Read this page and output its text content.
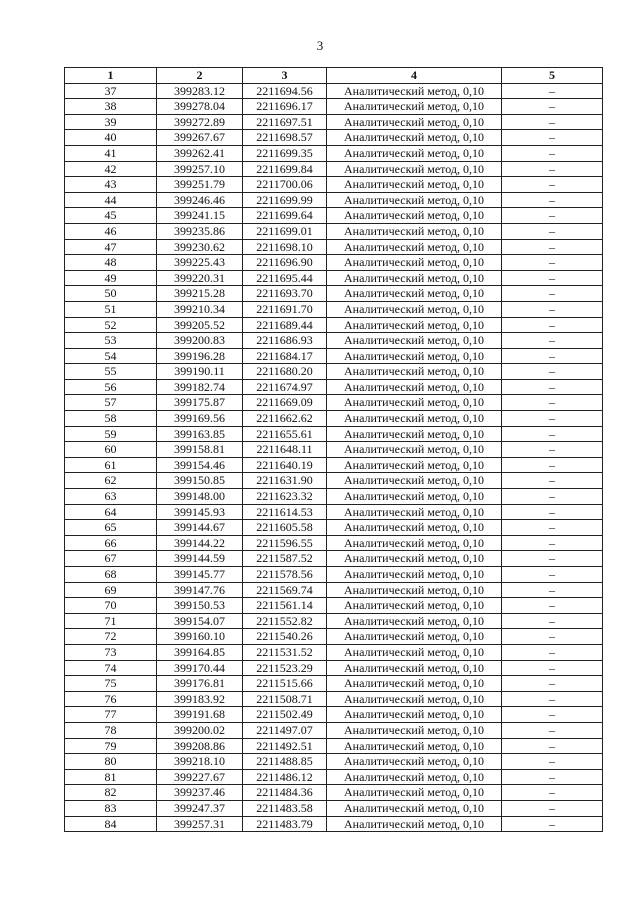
3
1	2	3	4	5
37	399283.12	2211694.56	Аналитический метод, 0,10	–
38	399278.04	2211696.17	Аналитический метод, 0,10	–
39	399272.89	2211697.51	Аналитический метод, 0,10	–
40	399267.67	2211698.57	Аналитический метод, 0,10	–
41	399262.41	2211699.35	Аналитический метод, 0,10	–
42	399257.10	2211699.84	Аналитический метод, 0,10	–
43	399251.79	2211700.06	Аналитический метод, 0,10	–
44	399246.46	2211699.99	Аналитический метод, 0,10	–
45	399241.15	2211699.64	Аналитический метод, 0,10	–
46	399235.86	2211699.01	Аналитический метод, 0,10	–
47	399230.62	2211698.10	Аналитический метод, 0,10	–
48	399225.43	2211696.90	Аналитический метод, 0,10	–
49	399220.31	2211695.44	Аналитический метод, 0,10	–
50	399215.28	2211693.70	Аналитический метод, 0,10	–
51	399210.34	2211691.70	Аналитический метод, 0,10	–
52	399205.52	2211689.44	Аналитический метод, 0,10	–
53	399200.83	2211686.93	Аналитический метод, 0,10	–
54	399196.28	2211684.17	Аналитический метод, 0,10	–
55	399190.11	2211680.20	Аналитический метод, 0,10	–
56	399182.74	2211674.97	Аналитический метод, 0,10	–
57	399175.87	2211669.09	Аналитический метод, 0,10	–
58	399169.56	2211662.62	Аналитический метод, 0,10	–
59	399163.85	2211655.61	Аналитический метод, 0,10	–
60	399158.81	2211648.11	Аналитический метод, 0,10	–
61	399154.46	2211640.19	Аналитический метод, 0,10	–
62	399150.85	2211631.90	Аналитический метод, 0,10	–
63	399148.00	2211623.32	Аналитический метод, 0,10	–
64	399145.93	2211614.53	Аналитический метод, 0,10	–
65	399144.67	2211605.58	Аналитический метод, 0,10	–
66	399144.22	2211596.55	Аналитический метод, 0,10	–
67	399144.59	2211587.52	Аналитический метод, 0,10	–
68	399145.77	2211578.56	Аналитический метод, 0,10	–
69	399147.76	2211569.74	Аналитический метод, 0,10	–
70	399150.53	2211561.14	Аналитический метод, 0,10	–
71	399154.07	2211552.82	Аналитический метод, 0,10	–
72	399160.10	2211540.26	Аналитический метод, 0,10	–
73	399164.85	2211531.52	Аналитический метод, 0,10	–
74	399170.44	2211523.29	Аналитический метод, 0,10	–
75	399176.81	2211515.66	Аналитический метод, 0,10	–
76	399183.92	2211508.71	Аналитический метод, 0,10	–
77	399191.68	2211502.49	Аналитический метод, 0,10	–
78	399200.02	2211497.07	Аналитический метод, 0,10	–
79	399208.86	2211492.51	Аналитический метод, 0,10	–
80	399218.10	2211488.85	Аналитический метод, 0,10	–
81	399227.67	2211486.12	Аналитический метод, 0,10	–
82	399237.46	2211484.36	Аналитический метод, 0,10	–
83	399247.37	2211483.58	Аналитический метод, 0,10	–
84	399257.31	2211483.79	Аналитический метод, 0,10	–
